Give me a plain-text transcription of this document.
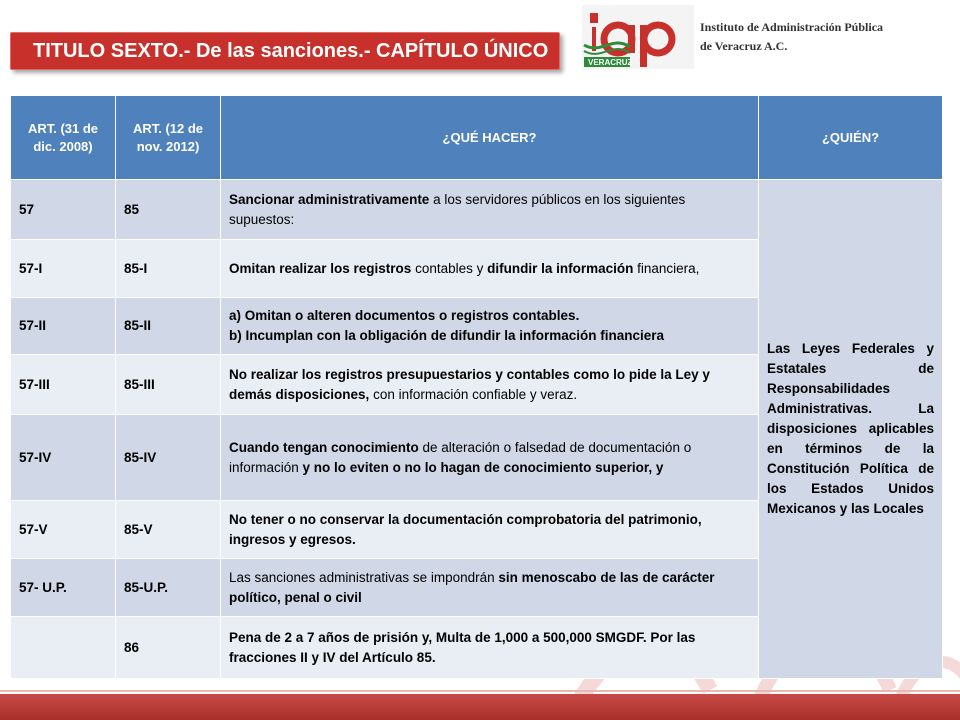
TITULO SEXTO.- De las sanciones.- CAPÍTULO ÚNICO
VERACRUZ
Instituto de Administración Pública
de Veracruz A.C.
ART. (31 de dic. 2008)	ART. (12 de nov. 2012)	¿QUÉ HACER?	¿QUIÉN?
57	85	Sancionar administrativamente a los servidores públicos en los siguientes supuestos:	Las Leyes Federales y Estatales de Responsabilidades Administrativas. La disposiciones aplicables en términos de la Constitución Política de los Estados Unidos Mexicanos y las Locales
57-I	85-I	Omitan realizar los registros contables y difundir la información financiera,	
57-II	85-II	a) Omitan o alteren documentos o registros contables.
b) Incumplan con la obligación de difundir la información financiera	

57-III	85-III	No realizar los registros presupuestarios y contables como lo pide la Ley y demás disposiciones, con información confiable y veraz.	
57-IV	85-IV	Cuando tengan conocimiento de alteración o falsedad de documentación o información y no lo eviten o no lo hagan de conocimiento superior, y	
57-V	85-V	No tener o no conservar la documentación comprobatoria del patrimonio, ingresos y egresos.	
57- U.P.	85-U.P.	Las sanciones administrativas se impondrán sin menoscabo de las de carácter político, penal o civil	
	86	Pena de 2 a 7 años de prisión y, Multa de 1,000 a 500,000 SMGDF. Por las fracciones II y IV del Artículo 85.	
